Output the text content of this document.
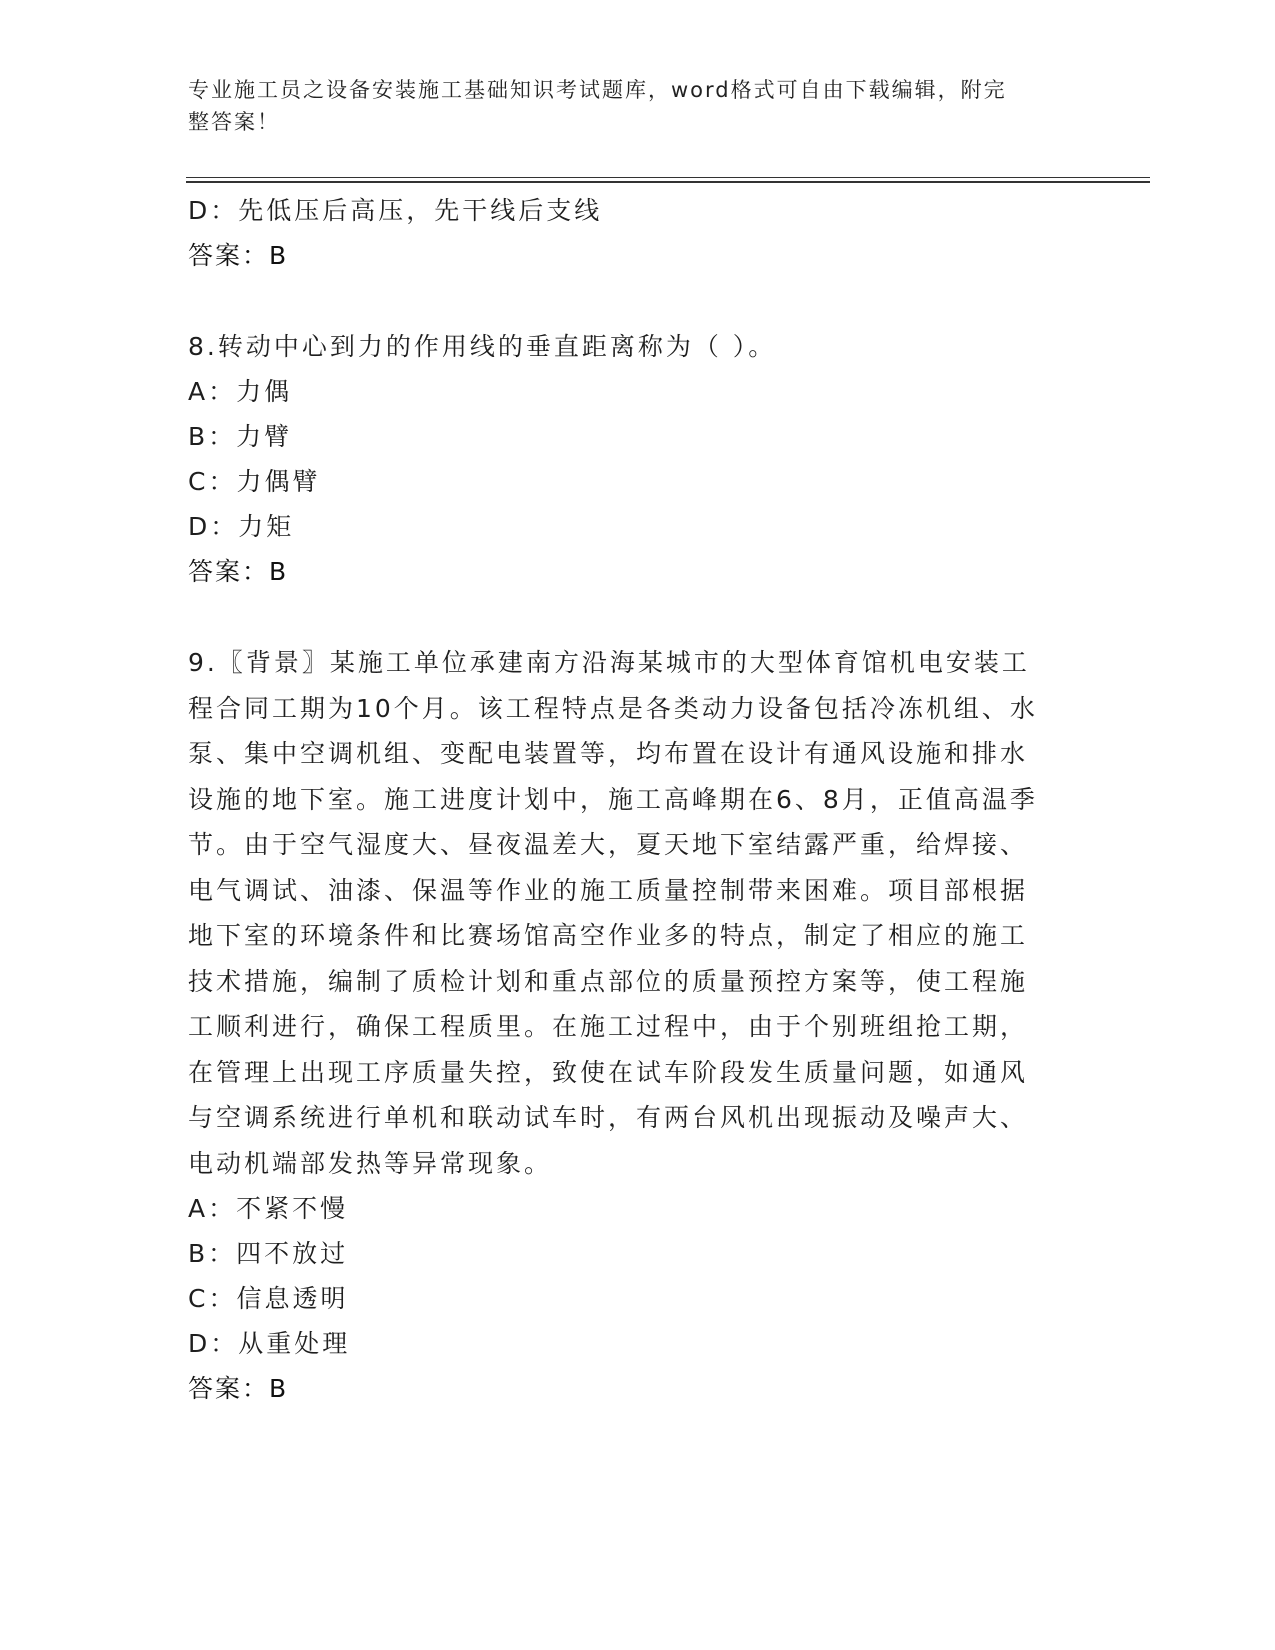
专业施工员之设备安装施工基础知识考试题库，word格式可自由下载编辑，附完
整答案！

D：先低压后高压，先干线后支线

答案：B

8.转动中心到力的作用线的垂直距离称为（ ）。

A：力偶

B：力臂

C：力偶臂

D：力矩

答案：B

9.〖背景〗某施工单位承建南方沿海某城市的大型体育馆机电安装工

程合同工期为10个月。该工程特点是各类动力设备包括冷冻机组、水

泵、集中空调机组、变配电装置等，均布置在设计有通风设施和排水

设施的地下室。施工进度计划中，施工高峰期在6、8月，正值高温季

节。由于空气湿度大、昼夜温差大，夏天地下室结露严重，给焊接、

电气调试、油漆、保温等作业的施工质量控制带来困难。项目部根据

地下室的环境条件和比赛场馆高空作业多的特点，制定了相应的施工

技术措施，编制了质检计划和重点部位的质量预控方案等，使工程施

工顺利进行，确保工程质里。在施工过程中，由于个别班组抢工期，

在管理上出现工序质量失控，致使在试车阶段发生质量问题，如通风

与空调系统进行单机和联动试车时，有两台风机出现振动及噪声大、

电动机端部发热等异常现象。

A：不紧不慢

B：四不放过

C：信息透明

D：从重处理

答案：B
